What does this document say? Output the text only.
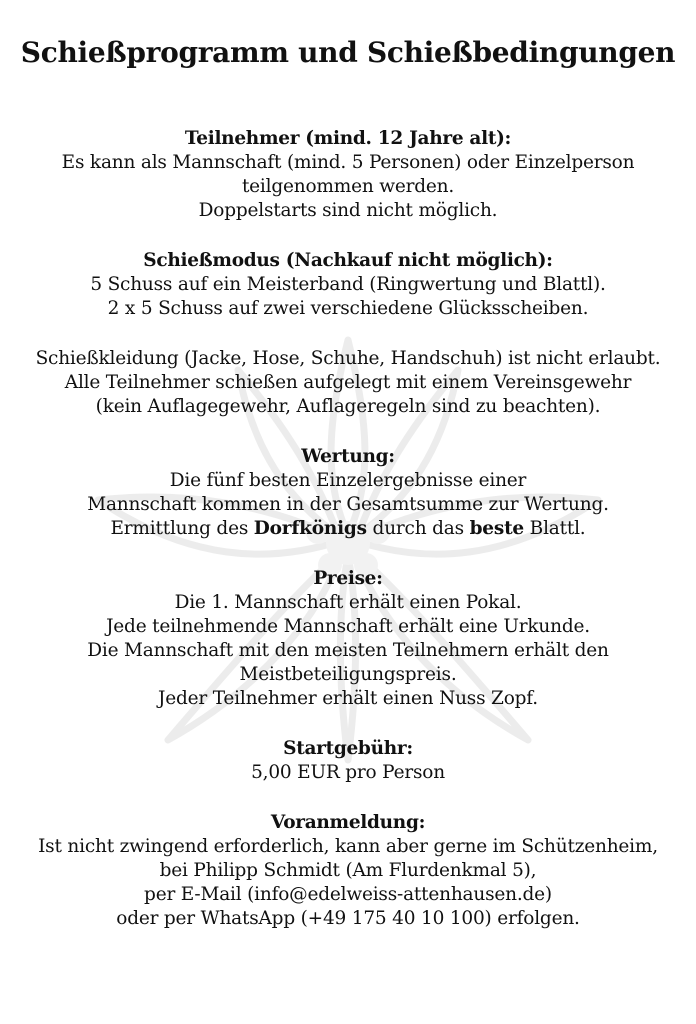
Schießprogramm und Schießbedingungen
Teilnehmer (mind. 12 Jahre alt):
Es kann als Mannschaft (mind. 5 Personen) oder Einzelperson
teilgenommen werden.
Doppelstarts sind nicht möglich.
Schießmodus (Nachkauf nicht möglich):
5 Schuss auf ein Meisterband (Ringwertung und Blattl).
2 x 5 Schuss auf zwei verschiedene Glücksscheiben.
Schießkleidung (Jacke, Hose, Schuhe, Handschuh) ist nicht erlaubt.
Alle Teilnehmer schießen aufgelegt mit einem Vereinsgewehr
(kein Auflagegewehr, Auflageregeln sind zu beachten).
Wertung:
Die fünf besten Einzelergebnisse einer
Mannschaft kommen in der Gesamtsumme zur Wertung.
Ermittlung des Dorfkönigs durch das beste Blattl.
Preise:
Die 1. Mannschaft erhält einen Pokal.
Jede teilnehmende Mannschaft erhält eine Urkunde.
Die Mannschaft mit den meisten Teilnehmern erhält den
Meistbeteiligungspreis.
Jeder Teilnehmer erhält einen Nuss Zopf.
Startgebühr:
5,00 EUR pro Person
Voranmeldung:
Ist nicht zwingend erforderlich, kann aber gerne im Schützenheim,
bei Philipp Schmidt (Am Flurdenkmal 5),
per E-Mail (info@edelweiss-attenhausen.de)
oder per WhatsApp (+49 175 40 10 100) erfolgen.
